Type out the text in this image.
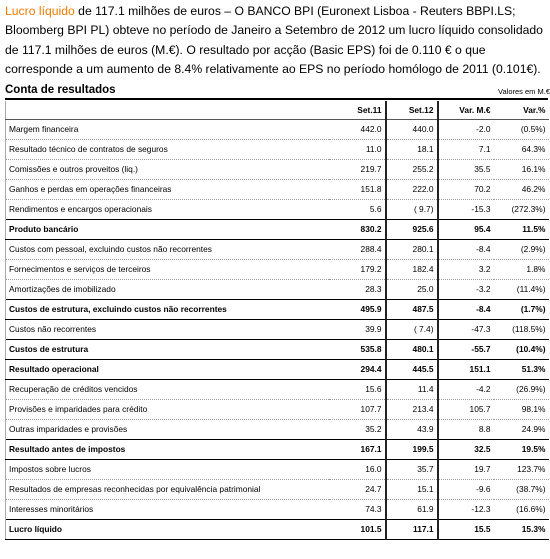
Lucro líquido de 117.1 milhões de euros – O BANCO BPI (Euronext Lisboa - Reuters BBPI.LS; Bloomberg BPI PL) obteve no período de Janeiro a Setembro de 2012 um lucro líquido consolidado de 117.1 milhões de euros (M.€). O resultado por acção (Basic EPS) foi de 0.110 € o que corresponde a um aumento de 8.4% relativamente ao EPS no período homólogo de 2011 (0.101€).
Conta de resultados	Valores em M.€
	Set.11	Set.12	Var. M.€	Var.%
Margem financeira	442.0	440.0	-2.0	(0.5%)
Resultado técnico de contratos de seguros	11.0	18.1	7.1	64.3%
Comissões e outros proveitos (liq.)	219.7	255.2	35.5	16.1%
Ganhos e perdas em operações financeiras	151.8	222.0	70.2	46.2%
Rendimentos e encargos operacionais	5.6	( 9.7)	-15.3	(272.3%)
Produto bancário	830.2	925.6	95.4	11.5%
Custos com pessoal, excluindo custos não recorrentes	288.4	280.1	-8.4	(2.9%)
Fornecimentos e serviços de terceiros	179.2	182.4	3.2	1.8%
Amortizações de imobilizado	28.3	25.0	-3.2	(11.4%)
Custos de estrutura, excluindo custos não recorrentes	495.9	487.5	-8.4	(1.7%)
Custos não recorrentes	39.9	( 7.4)	-47.3	(118.5%)
Custos de estrutura	535.8	480.1	-55.7	(10.4%)
Resultado operacional	294.4	445.5	151.1	51.3%
Recuperação de créditos vencidos	15.6	11.4	-4.2	(26.9%)
Provisões e imparidades para crédito	107.7	213.4	105.7	98.1%
Outras imparidades e provisões	35.2	43.9	8.8	24.9%
Resultado antes de impostos	167.1	199.5	32.5	19.5%
Impostos sobre lucros	16.0	35.7	19.7	123.7%
Resultados de empresas reconhecidas por equivalência patrimonial	24.7	15.1	-9.6	(38.7%)
Interesses minoritários	74.3	61.9	-12.3	(16.6%)
Lucro líquido	101.5	117.1	15.5	15.3%
